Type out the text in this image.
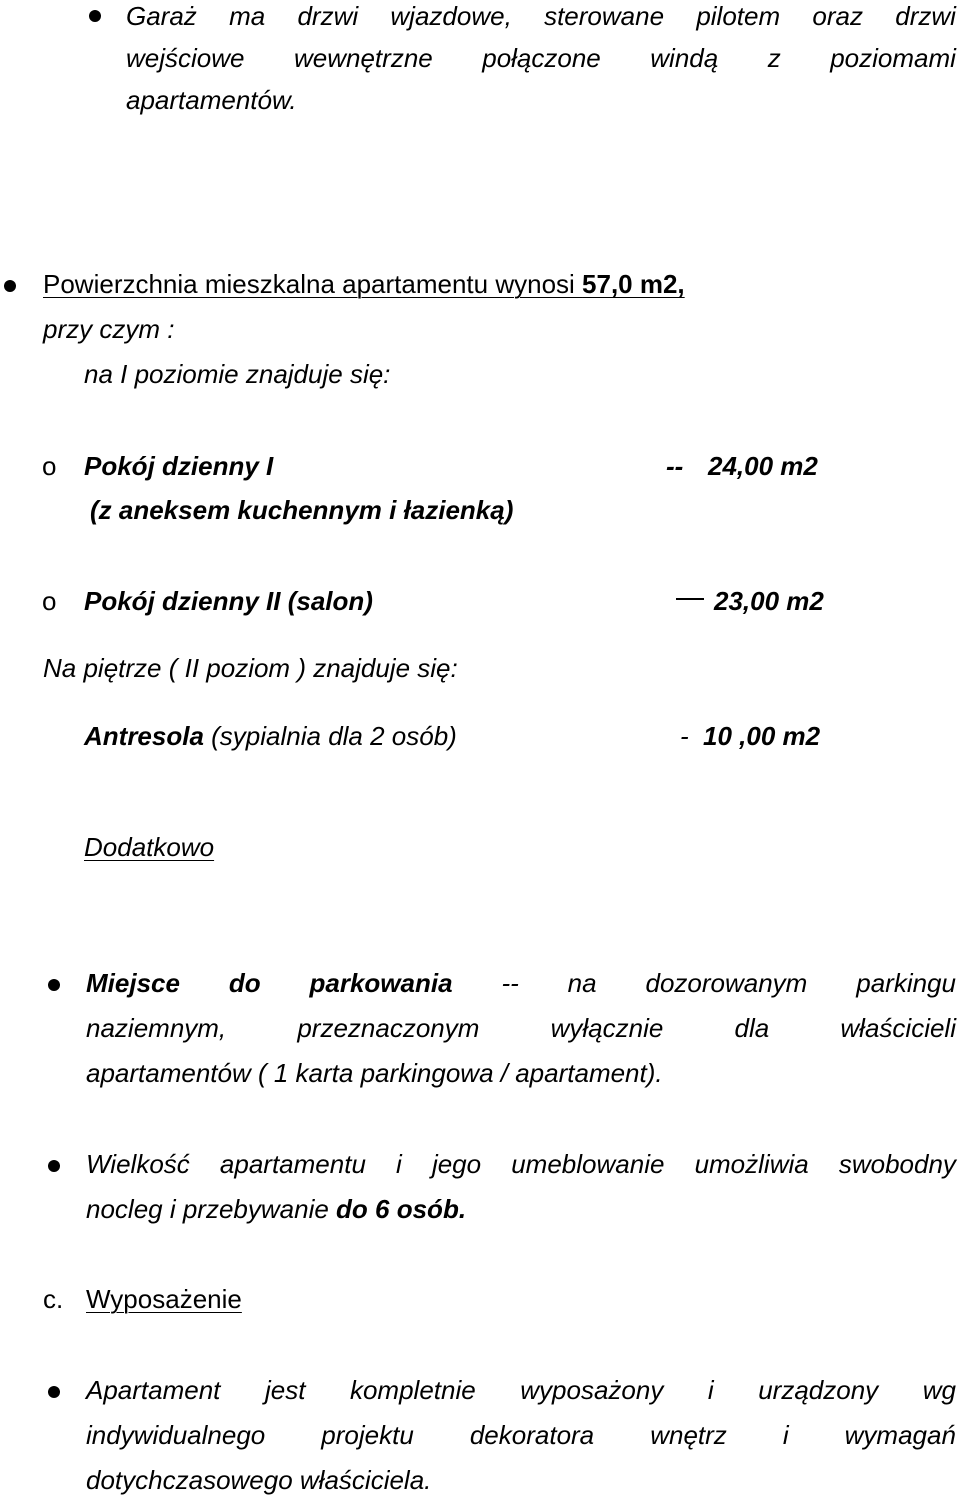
Garaż ma drzwi wjazdowe, sterowane pilotem oraz drzwi
wejściowe wewnętrzne połączone windą z poziomami
apartamentów.
Powierzchnia mieszkalna apartamentu wynosi 57,0 m2,
przy czym :
na I poziomie znajduje się:
o Pokój dzienny I	-- 24,00 m2
(z aneksem kuchennym i łazienką)
o Pokój dzienny II (salon)	23,00 m2
Na piętrze ( II poziom ) znajduje się:
Antresola (sypialnia dla 2 osób)	- 10 ,00 m2
Dodatkowo
Miejsce do parkowania -- na dozorowanym parkingu
naziemnym,	przeznaczonym	wyłącznie	dla	właścicieli
apartamentów ( 1 karta parkingowa / apartament).
Wielkość apartamentu i jego umeblowanie umożliwia swobodny
nocleg i przebywanie do 6 osób.
c. Wyposażenie
Apartament jest kompletnie wyposażony i urządzony wg
indywidualnego projektu dekoratora wnętrz i wymagań
dotychczasowego właściciela.
